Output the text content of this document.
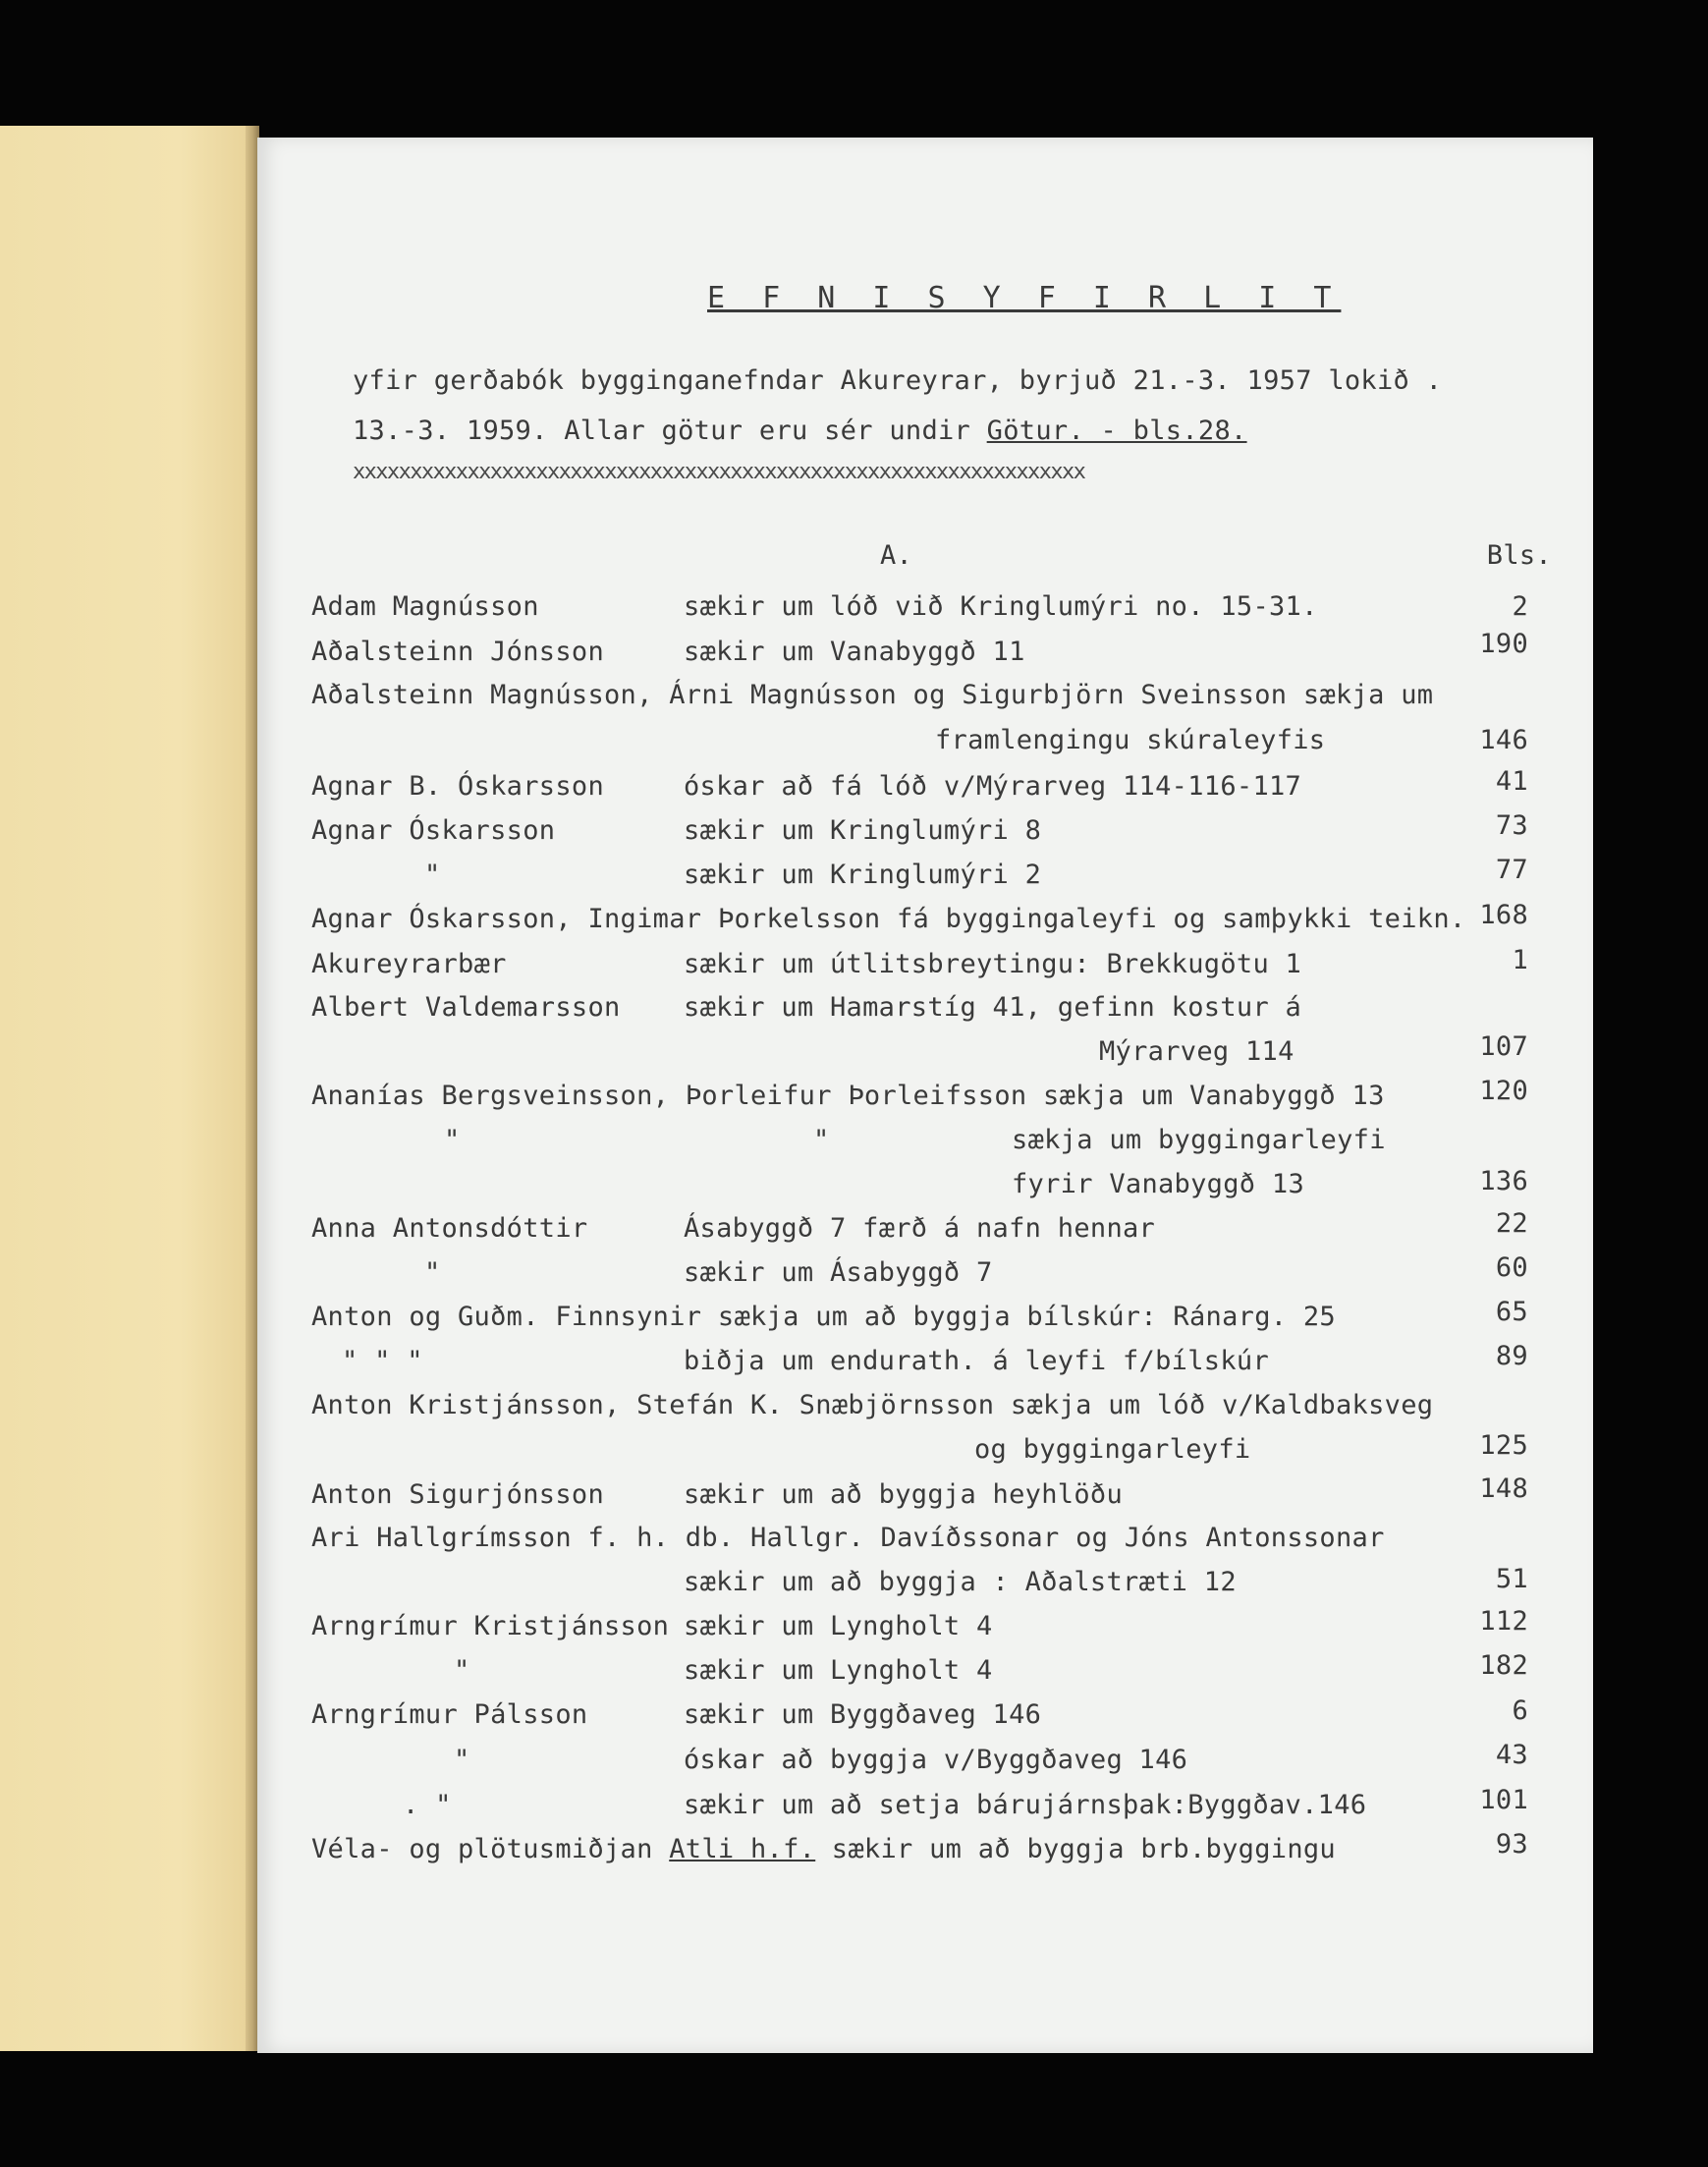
E F N I S Y F I R L I T
yfir gerðabók bygginganefndar Akureyrar, byrjuð 21.-3. 1957 lokið .
13.-3. 1959. Allar götur eru sér undir Götur. - bls.28.
xxxxxxxxxxxxxxxxxxxxxxxxxxxxxxxxxxxxxxxxxxxxxxxxxxxxxxxxxxxxxxxx
A.	Bls.
Adam Magnússon	sækir um lóð við Kringlumýri no. 15-31.	2
Aðalsteinn Jónsson	sækir um Vanabyggð 11	190
Aðalsteinn Magnússon, Árni Magnússon og Sigurbjörn Sveinsson sækja um
framlengingu skúraleyfis	146
Agnar B. Óskarsson	óskar að fá lóð v/Mýrarveg 114-116-117	41
Agnar Óskarsson	sækir um Kringlumýri 8	73
"	sækir um Kringlumýri 2	77
Agnar Óskarsson, Ingimar Þorkelsson fá byggingaleyfi og samþykki teikn. 168
Akureyrarbær	sækir um útlitsbreytingu: Brekkugötu 1	1
Albert Valdemarsson sækir um Hamarstíg 41, gefinn kostur á
Mýrarveg 114	107
Ananías Bergsveinsson, Þorleifur Þorleifsson sækja um Vanabyggð 13	120
"	"	sækja um byggingarleyfi
fyrir Vanabyggð 13	136
Anna Antonsdóttir	Ásabyggð 7 færð á nafn hennar	22
"	sækir um Ásabyggð 7	60
Anton og Guðm. Finnsynir sækja um að byggja bílskúr: Ránarg. 25	65
" " "	biðja um endurath. á leyfi f/bílskúr	89
Anton Kristjánsson, Stefán K. Snæbjörnsson sækja um lóð v/Kaldbaksveg
og byggingarleyfi	125
Anton Sigurjónsson	sækir um að byggja heyhlöðu	148
Ari Hallgrímsson f. h. db. Hallgr. Davíðssonar og Jóns Antonssonar
sækir um að byggja : Aðalstræti 12	51
Arngrímur Kristjánsson sækir um Lyngholt 4	112
"	sækir um Lyngholt 4	182
Arngrímur Pálsson	sækir um Byggðaveg 146	6
"	óskar að byggja v/Byggðaveg 146	43
. "	sækir um að setja bárujárnsþak:Byggðav.146	101
Véla- og plötusmiðjan Atli h.f. sækir um að byggja brb.byggingu	93
